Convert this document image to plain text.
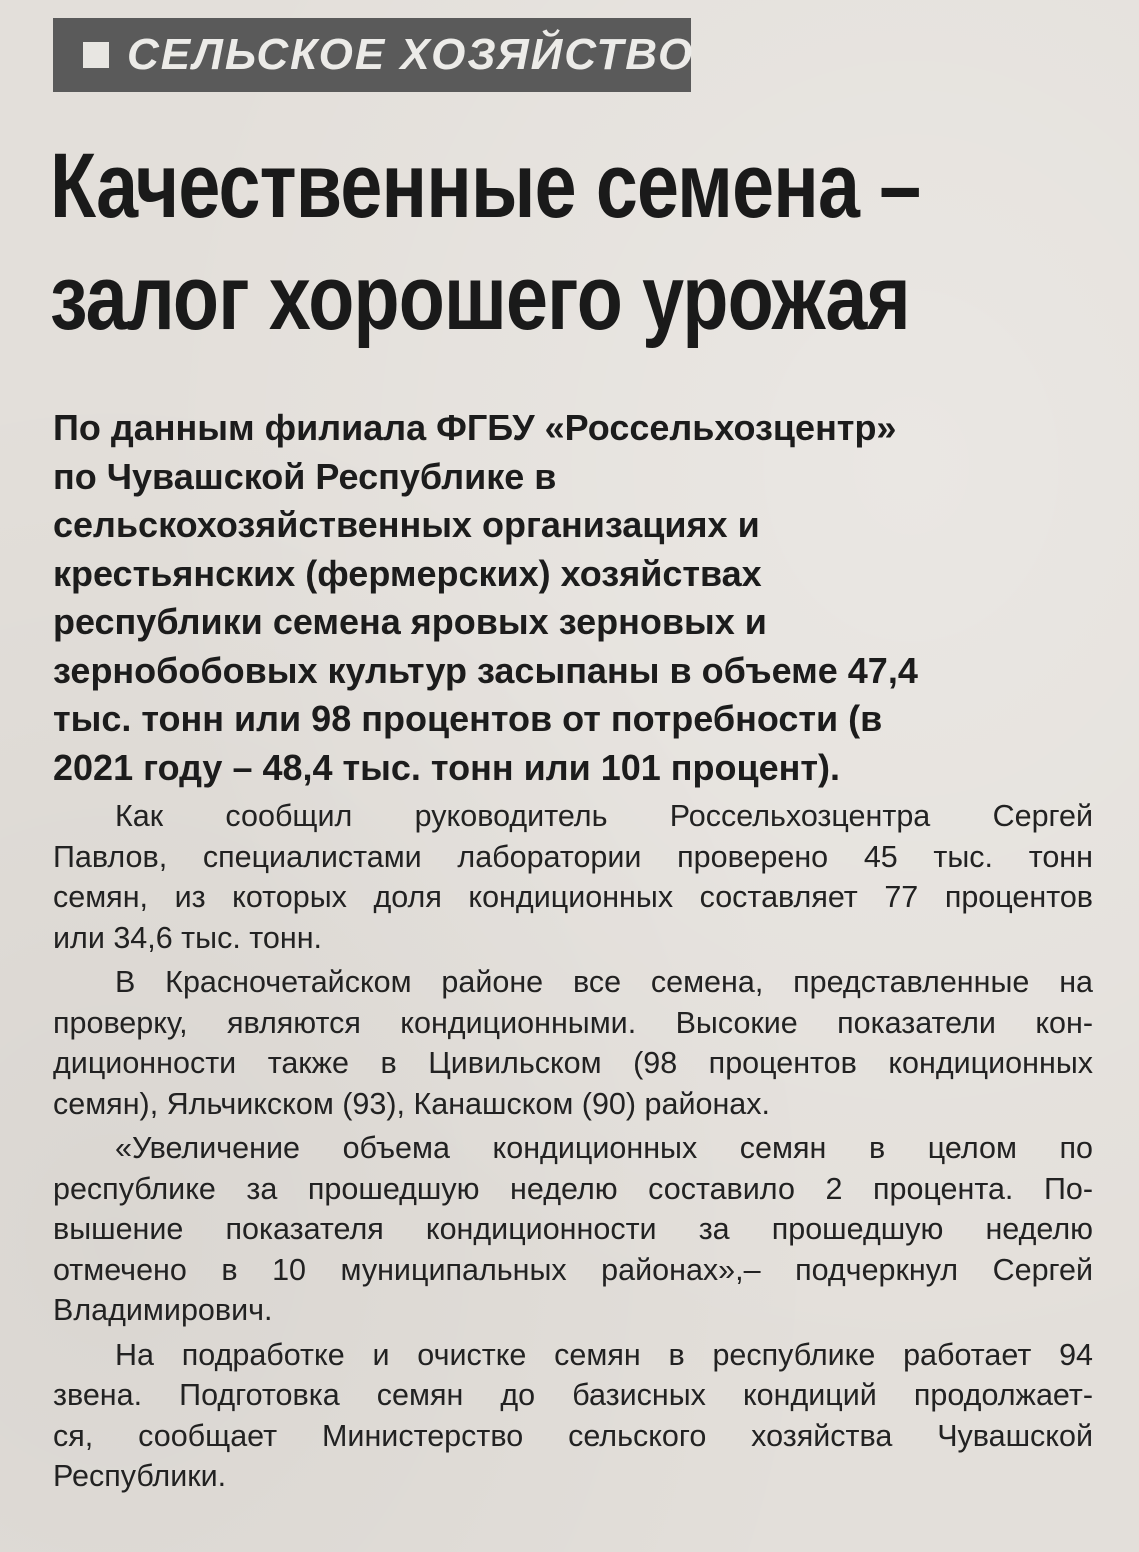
СЕЛЬСКОЕ ХОЗЯЙСТВО
Качественные семена –
залог хорошего урожая
По данным филиала ФГБУ «Россельхозцентр»
по Чувашской Республике в
сельскохозяйственных организациях и
крестьянских (фермерских) хозяйствах
республики семена яровых зерновых и
зернобобовых культур засыпаны в объеме 47,4
тыс. тонн или 98 процентов от потребности (в
2021 году – 48,4 тыс. тонн или 101 процент).

Как сообщил руководитель Россельхозцентра Сергей
Павлов, специалистами лаборатории проверено 45 тыс. тонн
семян, из которых доля кондиционных составляет 77 процентов
или 34,6 тыс. тонн.

В Красночетайском районе все семена, представленные на
проверку, являются кондиционными. Высокие показатели кон-
диционности также в Цивильском (98 процентов кондиционных
семян), Яльчикском (93), Канашском (90) районах.

«Увеличение объема кондиционных семян в целом по
республике за прошедшую неделю составило 2 процента. По-
вышение показателя кондиционности за прошедшую неделю
отмечено в 10 муниципальных районах»,– подчеркнул Сергей
Владимирович.

На подработке и очистке семян в республике работает 94
звена. Подготовка семян до базисных кондиций продолжает-
ся, сообщает Министерство сельского хозяйства Чувашской
Республики.
